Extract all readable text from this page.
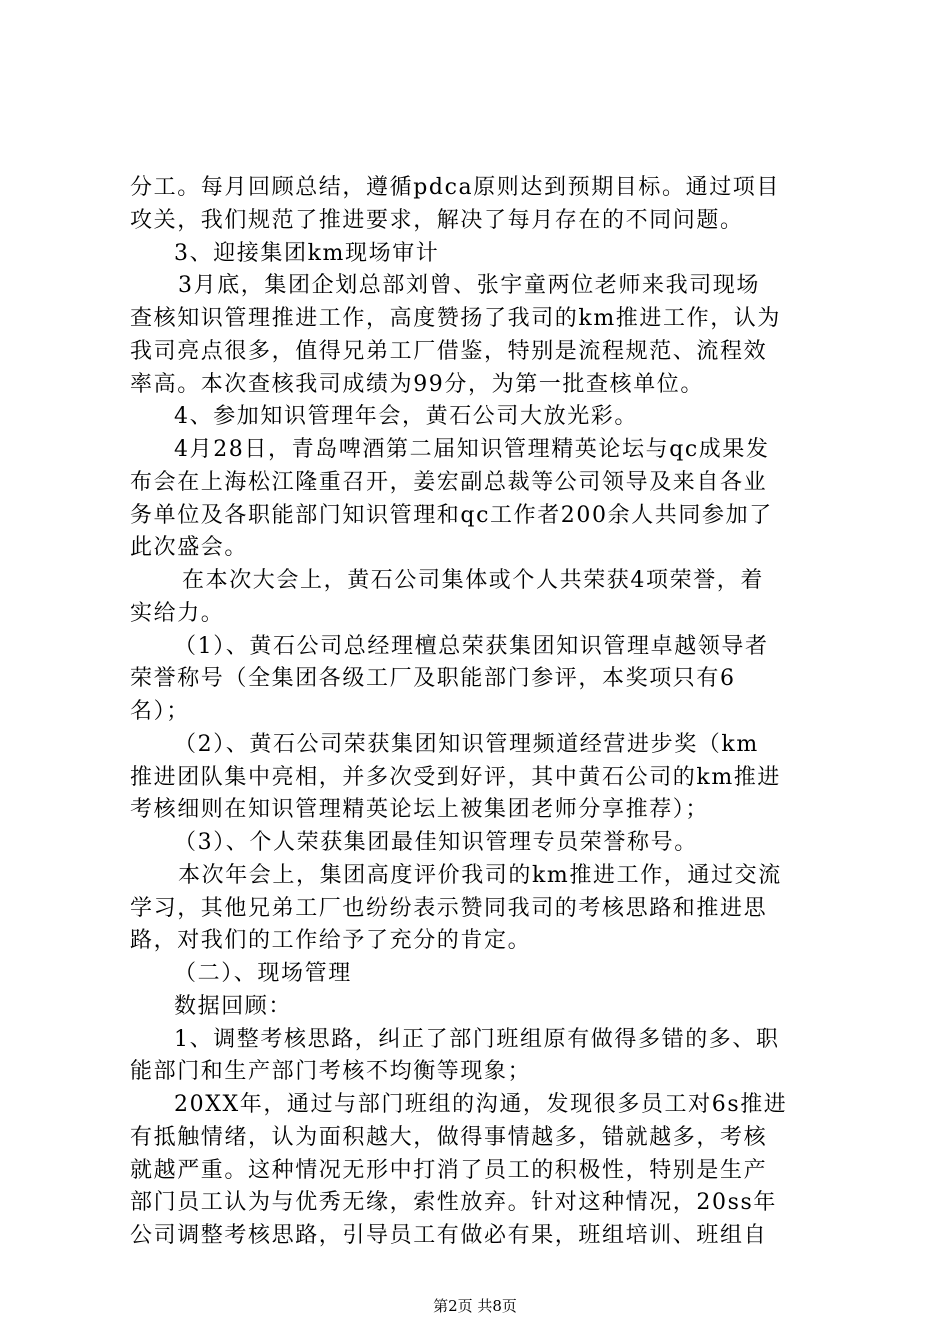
分工。每月回顾总结，遵循pdca原则达到预期目标。通过项目
攻关，我们规范了推进要求，解决了每月存在的不同问题。
3、迎接集团km现场审计
3月底，集团企划总部刘曾、张宇童两位老师来我司现场
查核知识管理推进工作，高度赞扬了我司的km推进工作，认为
我司亮点很多，值得兄弟工厂借鉴，特别是流程规范、流程效
率高。本次查核我司成绩为99分，为第一批查核单位。
4、参加知识管理年会，黄石公司大放光彩。
4月28日，青岛啤酒第二届知识管理精英论坛与qc成果发
布会在上海松江隆重召开，姜宏副总裁等公司领导及来自各业
务单位及各职能部门知识管理和qc工作者200余人共同参加了
此次盛会。
在本次大会上，黄石公司集体或个人共荣获4项荣誉，着
实给力。
（1）、黄石公司总经理檀总荣获集团知识管理卓越领导者
荣誉称号（全集团各级工厂及职能部门参评，本奖项只有6
名）；
（2）、黄石公司荣获集团知识管理频道经营进步奖（km
推进团队集中亮相，并多次受到好评，其中黄石公司的km推进
考核细则在知识管理精英论坛上被集团老师分享推荐）；
（3）、个人荣获集团最佳知识管理专员荣誉称号。
本次年会上，集团高度评价我司的km推进工作，通过交流
学习，其他兄弟工厂也纷纷表示赞同我司的考核思路和推进思
路，对我们的工作给予了充分的肯定。
（二）、现场管理
数据回顾：
1、调整考核思路，纠正了部门班组原有做得多错的多、职
能部门和生产部门考核不均衡等现象；
20XX年，通过与部门班组的沟通，发现很多员工对6s推进
有抵触情绪，认为面积越大，做得事情越多，错就越多，考核
就越严重。这种情况无形中打消了员工的积极性，特别是生产
部门员工认为与优秀无缘，索性放弃。针对这种情况，20ss年
公司调整考核思路，引导员工有做必有果，班组培训、班组自
第2页 共8页
